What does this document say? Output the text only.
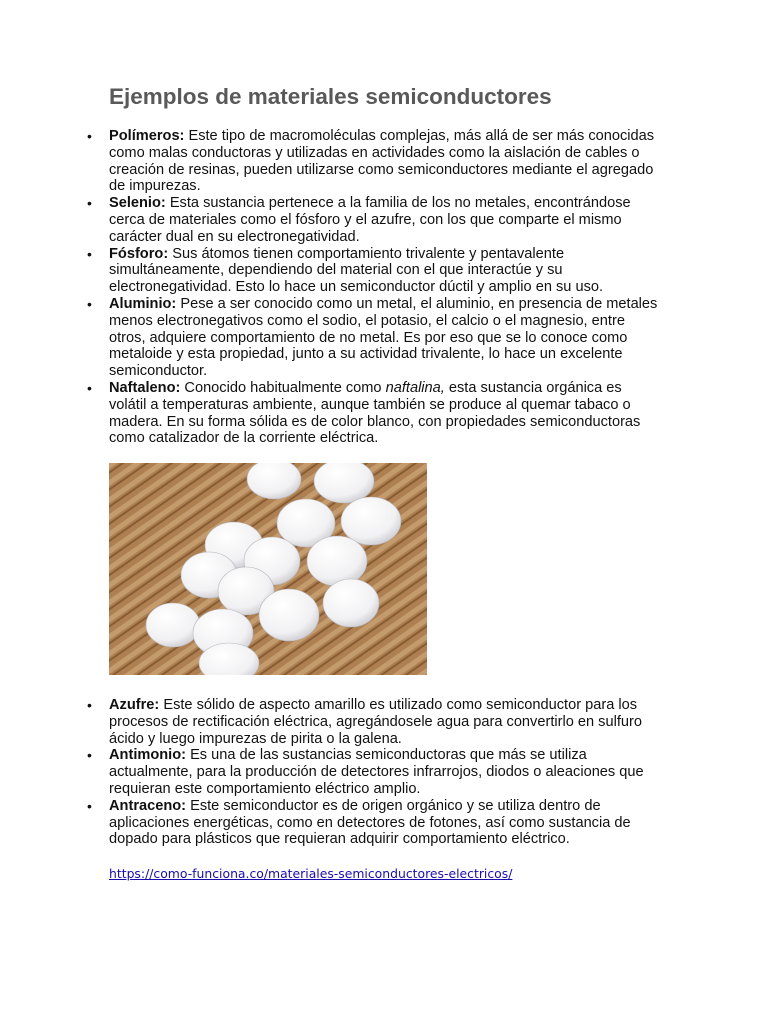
Ejemplos de materiales semiconductores
• Polímeros: Este tipo de macromoléculas complejas, más allá de ser más conocidas como malas conductoras y utilizadas en actividades como la aislación de cables o creación de resinas, pueden utilizarse como semiconductores mediante el agregado de impurezas.
• Selenio: Esta sustancia pertenece a la familia de los no metales, encontrándose cerca de materiales como el fósforo y el azufre, con los que comparte el mismo carácter dual en su electronegatividad.
• Fósforo: Sus átomos tienen comportamiento trivalente y pentavalente simultáneamente, dependiendo del material con el que interactúe y su electronegatividad. Esto lo hace un semiconductor dúctil y amplio en su uso.
• Aluminio: Pese a ser conocido como un metal, el aluminio, en presencia de metales menos electronegativos como el sodio, el potasio, el calcio o el magnesio, entre otros, adquiere comportamiento de no metal. Es por eso que se lo conoce como metaloide y esta propiedad, junto a su actividad trivalente, lo hace un excelente semiconductor.
• Naftaleno: Conocido habitualmente como naftalina, esta sustancia orgánica es volátil a temperaturas ambiente, aunque también se produce al quemar tabaco o madera. En su forma sólida es de color blanco, con propiedades semiconductoras como catalizador de la corriente eléctrica.
• Azufre: Este sólido de aspecto amarillo es utilizado como semiconductor para los procesos de rectificación eléctrica, agregándosele agua para convertirlo en sulfuro ácido y luego impurezas de pirita o la galena.
• Antimonio: Es una de las sustancias semiconductoras que más se utiliza actualmente, para la producción de detectores infrarrojos, diodos o aleaciones que requieran este comportamiento eléctrico amplio.
• Antraceno: Este semiconductor es de origen orgánico y se utiliza dentro de aplicaciones energéticas, como en detectores de fotones, así como sustancia de dopado para plásticos que requieran adquirir comportamiento eléctrico.
https://como-funciona.co/materiales-semiconductores-electricos/
